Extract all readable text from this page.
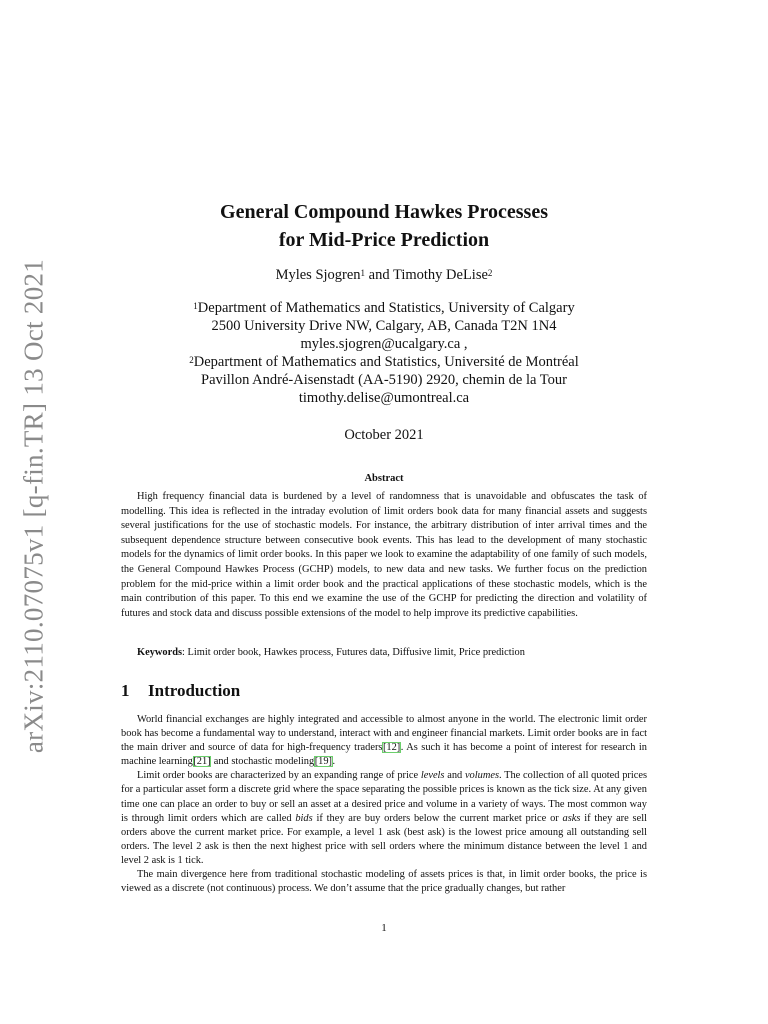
arXiv:2110.07075v1 [q-fin.TR] 13 Oct 2021
General Compound Hawkes Processes
for Mid-Price Prediction
Myles Sjogren$^1$ and Timothy DeLise$^2$
$^1$Department of Mathematics and Statistics, University of Calgary
2500 University Drive NW, Calgary, AB, Canada T2N 1N4
myles.sjogren@ucalgary.ca ,
$^2$Department of Mathematics and Statistics, Université de Montréal
Pavillon André-Aisenstadt (AA-5190) 2920, chemin de la Tour
timothy.delise@umontreal.ca
October 2021
Abstract

High frequency financial data is burdened by a level of randomness that is unavoidable and obfuscates the task of modelling. This idea is reflected in the intraday evolution of limit orders book data for many financial assets and suggests several justifications for the use of stochastic models. For instance, the arbitrary distribution of inter arrival times and the subsequent dependence structure between consecutive book events. This has lead to the development of many stochastic models for the dynamics of limit order books. In this paper we look to examine the adaptability of one family of such models, the General Compound Hawkes Process (GCHP) models, to new data and new tasks. We further focus on the prediction problem for the mid-price within a limit order book and the practical applications of these stochastic models, which is the main contribution of this paper. To this end we examine the use of the GCHP for predicting the direction and volatility of futures and stock data and discuss possible extensions of the model to help improve its predictive capabilities.

Keywords: Limit order book, Hawkes process, Futures data, Diffusive limit, Price prediction
1 Introduction

World financial exchanges are highly integrated and accessible to almost anyone in the world. The electronic limit order book has become a fundamental way to understand, interact with and engineer financial markets. Limit order books are in fact the main driver and source of data for high-frequency traders[12]. As such it has become a point of interest for research in machine learning[21] and stochastic modeling[19].

Limit order books are characterized by an expanding range of price levels and volumes. The collection of all quoted prices for a particular asset form a discrete grid where the space separating the possible prices is known as the tick size. At any given time one can place an order to buy or sell an asset at a desired price and volume in a variety of ways. The most common way is through limit orders which are called bids if they are buy orders below the current market price or asks if they are sell orders above the current market price. For example, a level 1 ask (best ask) is the lowest price amoung all outstanding sell orders. The level 2 ask is then the next highest price with sell orders where the minimum distance between the level 1 and level 2 ask is 1 tick.

The main divergence here from traditional stochastic modeling of assets prices is that, in limit order books, the price is viewed as a discrete (not continuous) process. We don’t assume that the price gradually changes, but rather

1
